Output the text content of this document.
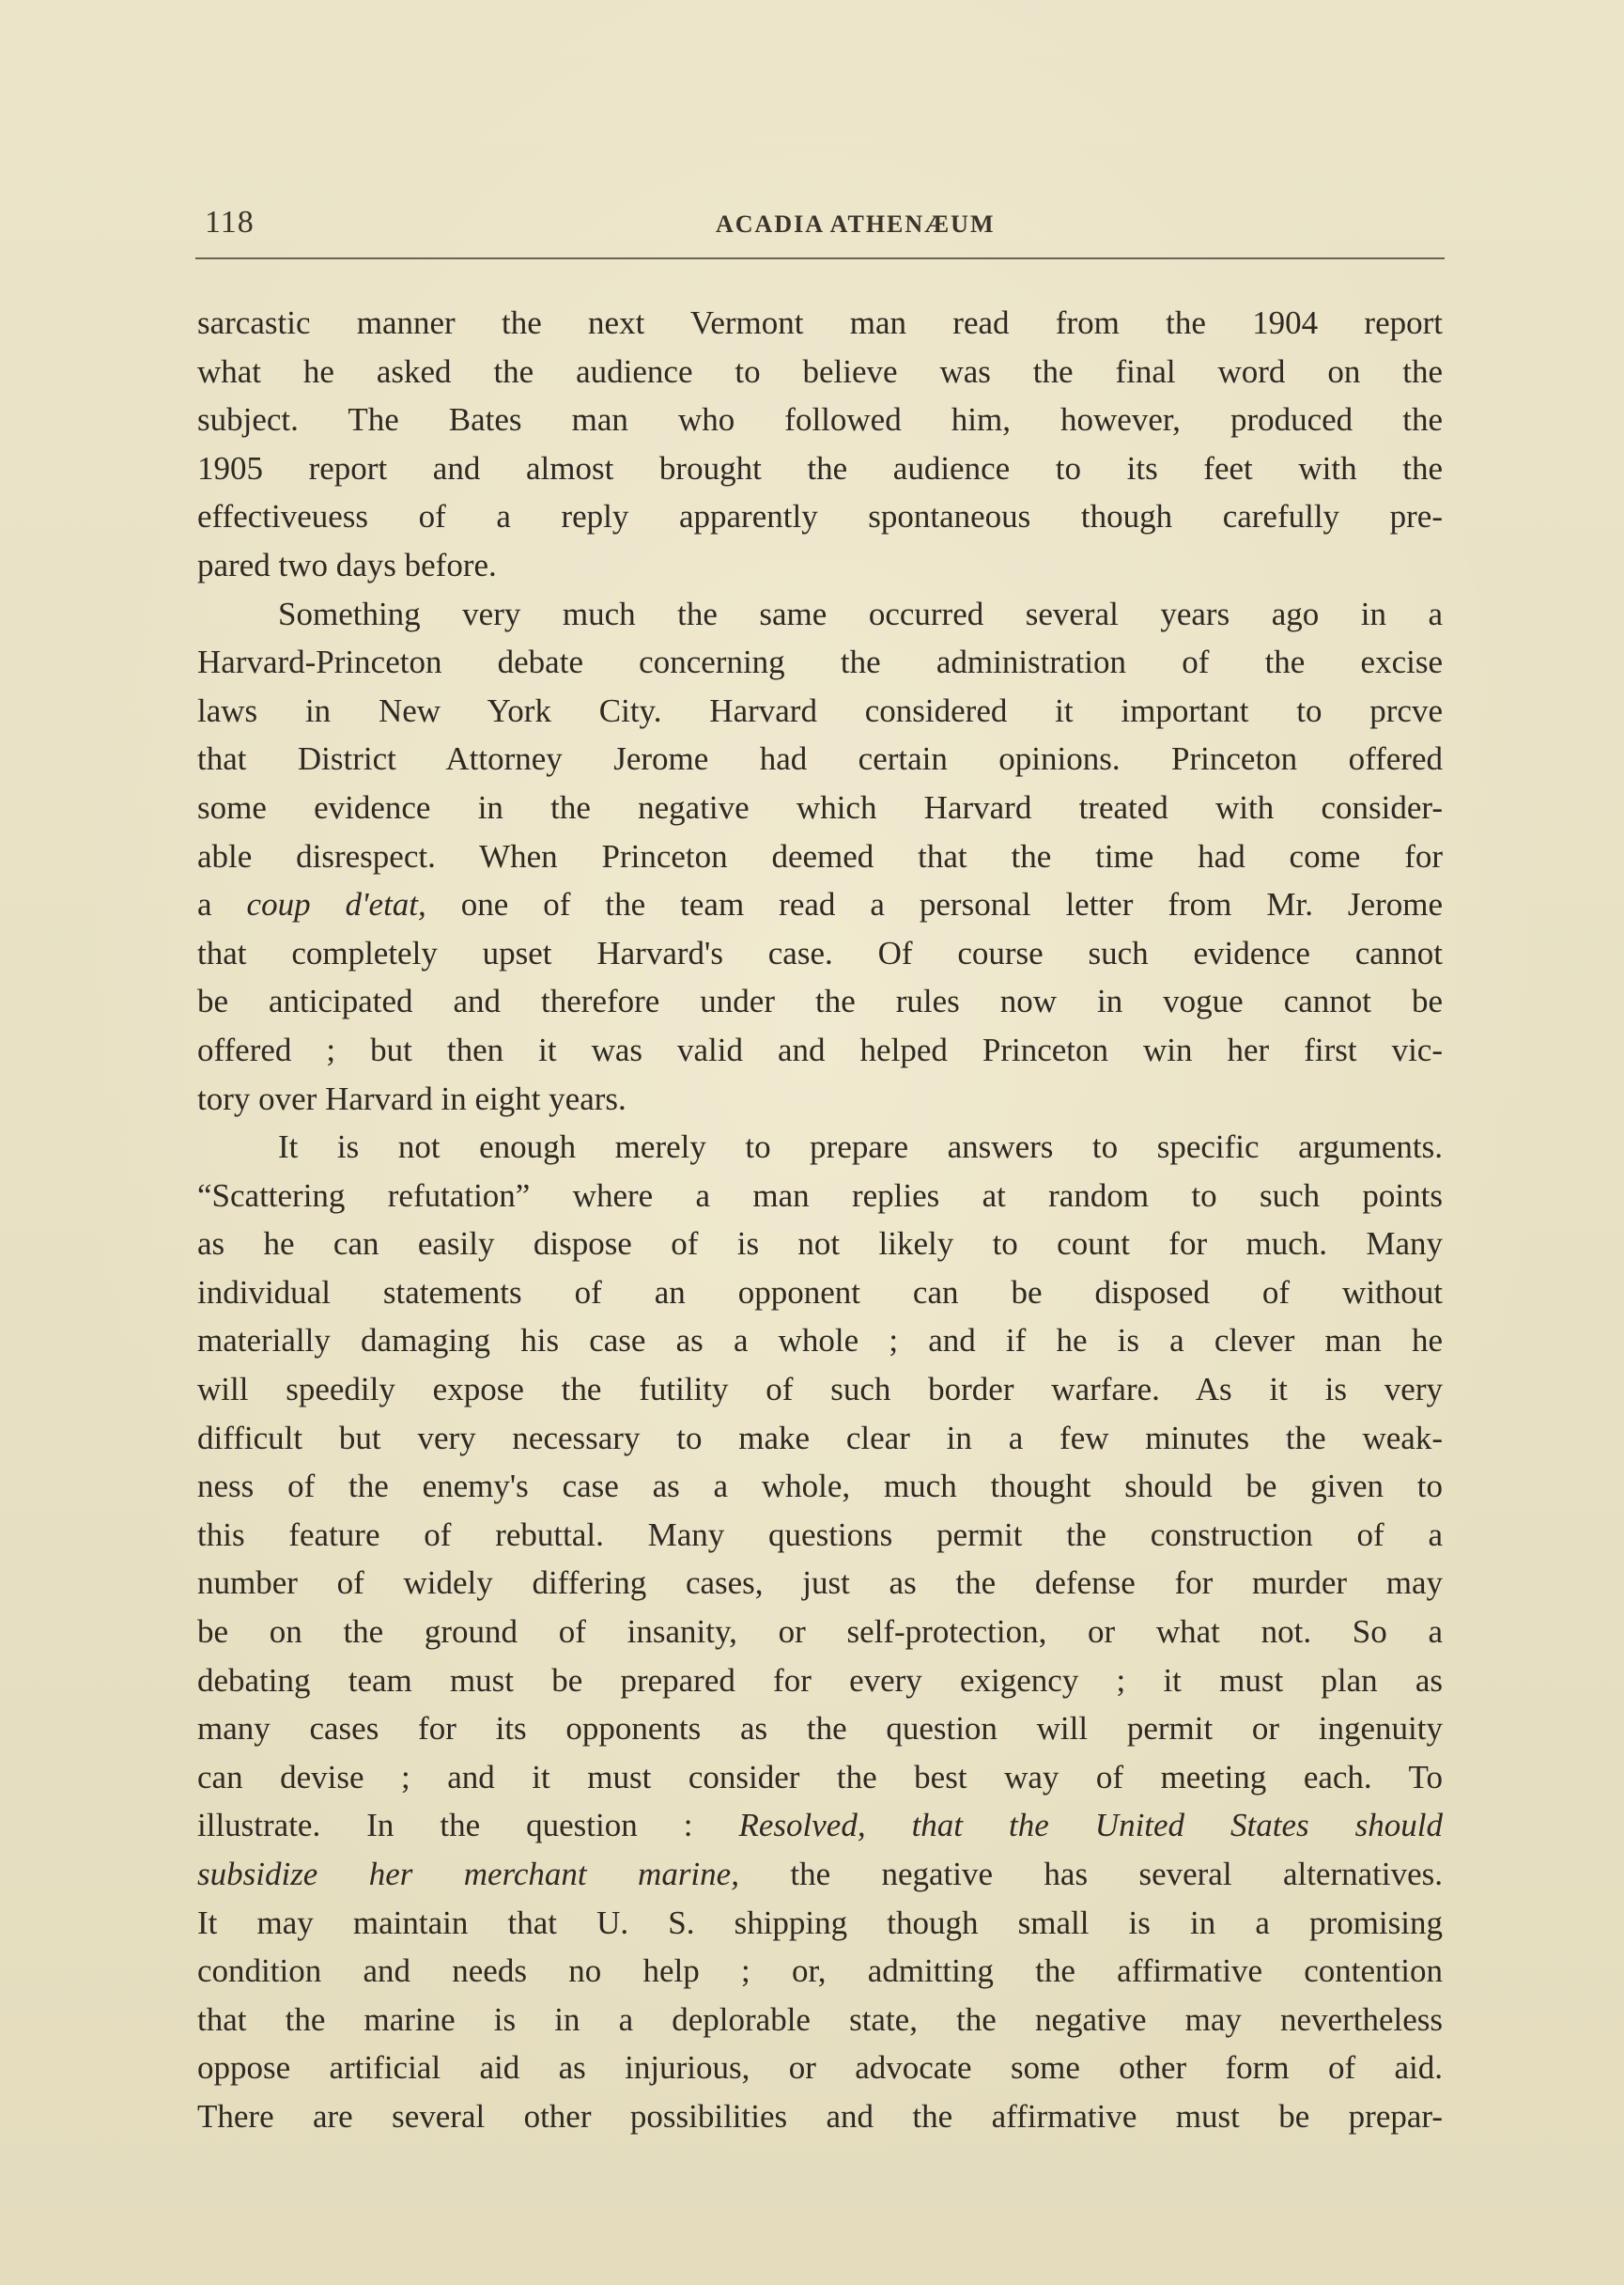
118	ACADIA ATHENÆUM
sarcastic manner the next Vermont man read from the 1904 report
what he asked the audience to believe was the final word on the
subject. The Bates man who followed him, however, produced the
1905 report and almost brought the audience to its feet with the
effectiveuess of a reply apparently spontaneous though carefully pre-
pared two days before.
Something very much the same occurred several years ago in a
Harvard-Princeton debate concerning the administration of the excise
laws in New York City. Harvard considered it important to prcve
that District Attorney Jerome had certain opinions. Princeton offered
some evidence in the negative which Harvard treated with consider-
able disrespect. When Princeton deemed that the time had come for
a coup d'etat, one of the team read a personal letter from Mr. Jerome
that completely upset Harvard's case. Of course such evidence cannot
be anticipated and therefore under the rules now in vogue cannot be
offered ; but then it was valid and helped Princeton win her first vic-
tory over Harvard in eight years.
It is not enough merely to prepare answers to specific arguments.
“Scattering refutation” where a man replies at random to such points
as he can easily dispose of is not likely to count for much. Many
individual statements of an opponent can be disposed of without
materially damaging his case as a whole ; and if he is a clever man he
will speedily expose the futility of such border warfare. As it is very
difficult but very necessary to make clear in a few minutes the weak-
ness of the enemy's case as a whole, much thought should be given to
this feature of rebuttal. Many questions permit the construction of a
number of widely differing cases, just as the defense for murder may
be on the ground of insanity, or self-protection, or what not. So a
debating team must be prepared for every exigency ; it must plan as
many cases for its opponents as the question will permit or ingenuity
can devise ; and it must consider the best way of meeting each. To
illustrate. In the question : Resolved, that the United States should
subsidize her merchant marine, the negative has several alternatives.
It may maintain that U. S. shipping though small is in a promising
condition and needs no help ; or, admitting the affirmative contention
that the marine is in a deplorable state, the negative may nevertheless
oppose artificial aid as injurious, or advocate some other form of aid.
There are several other possibilities and the affirmative must be prepar-
